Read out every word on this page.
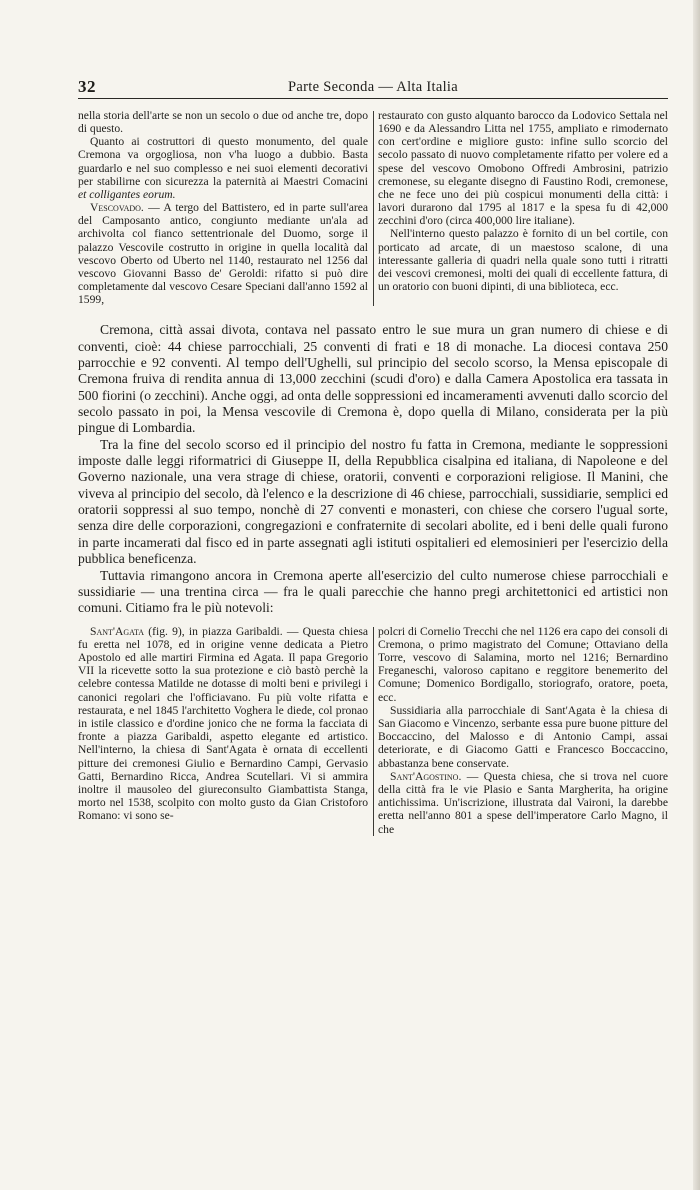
32	Parte Seconda — Alta Italia

nella storia dell'arte se non un secolo o due od anche tre, dopo di questo.

Quanto ai costruttori di questo monumento, del quale Cremona va orgogliosa, non v'ha luogo a dubbio. Basta guardarlo e nel suo complesso e nei suoi elementi decorativi per stabilirne con sicurezza la paternità ai Maestri Comacini et colligantes eorum.

Vescovado. — A tergo del Battistero, ed in parte sull'area del Camposanto antico, congiunto mediante un'ala ad archivolta col fianco settentrionale del Duomo, sorge il palazzo Vescovile costrutto in origine in quella località dal vescovo Oberto od Uberto nel 1140, restaurato nel 1256 dal vescovo Giovanni Basso de' Geroldi: rifatto si può dire completamente dal vescovo Cesare Speciani dall'anno 1592 al 1599,

restaurato con gusto alquanto barocco da Lodovico Settala nel 1690 e da Alessandro Litta nel 1755, ampliato e rimodernato con cert'ordine e migliore gusto: infine sullo scorcio del secolo passato di nuovo completamente rifatto per volere ed a spese del vescovo Omobono Offredi Ambrosini, patrizio cremonese, su elegante disegno di Faustino Rodi, cremonese, che ne fece uno dei più cospicui monumenti della città: i lavori durarono dal 1795 al 1817 e la spesa fu di 42,000 zecchini d'oro (circa 400,000 lire italiane).

Nell'interno questo palazzo è fornito di un bel cortile, con porticato ad arcate, di un maestoso scalone, di una interessante galleria di quadri nella quale sono tutti i ritratti dei vescovi cremonesi, molti dei quali di eccellente fattura, di un oratorio con buoni dipinti, di una biblioteca, ecc.

Cremona, città assai divota, contava nel passato entro le sue mura un gran numero di chiese e di conventi, cioè: 44 chiese parrocchiali, 25 conventi di frati e 18 di monache. La diocesi contava 250 parrocchie e 92 conventi. Al tempo dell'Ughelli, sul principio del secolo scorso, la Mensa episcopale di Cremona fruiva di rendita annua di 13,000 zecchini (scudi d'oro) e dalla Camera Apostolica era tassata in 500 fiorini (o zecchini). Anche oggi, ad onta delle soppressioni ed incameramenti avvenuti dallo scorcio del secolo passato in poi, la Mensa vescovile di Cremona è, dopo quella di Milano, considerata per la più pingue di Lombardia.

Tra la fine del secolo scorso ed il principio del nostro fu fatta in Cremona, mediante le soppressioni imposte dalle leggi riformatrici di Giuseppe II, della Repubblica cisalpina ed italiana, di Napoleone e del Governo nazionale, una vera strage di chiese, oratorii, conventi e corporazioni religiose. Il Manini, che viveva al principio del secolo, dà l'elenco e la descrizione di 46 chiese, parrocchiali, sussidiarie, semplici ed oratorii soppressi al suo tempo, nonchè di 27 conventi e monasteri, con chiese che corsero l'ugual sorte, senza dire delle corporazioni, congregazioni e confraternite di secolari abolite, ed i beni delle quali furono in parte incamerati dal fisco ed in parte assegnati agli istituti ospitalieri ed elemosinieri per l'esercizio della pubblica beneficenza.

Tuttavia rimangono ancora in Cremona aperte all'esercizio del culto numerose chiese parrocchiali e sussidiarie — una trentina circa — fra le quali parecchie che hanno pregi architettonici ed artistici non comuni. Citiamo fra le più notevoli:

Sant'Agata (fig. 9), in piazza Garibaldi. — Questa chiesa fu eretta nel 1078, ed in origine venne dedicata a Pietro Apostolo ed alle martiri Firmina ed Agata. Il papa Gregorio VII la ricevette sotto la sua protezione e ciò bastò perchè la celebre contessa Matilde ne dotasse di molti beni e privilegi i canonici regolari che l'officiavano. Fu più volte rifatta e restaurata, e nel 1845 l'architetto Voghera le diede, col pronao in istile classico e d'ordine jonico che ne forma la facciata di fronte a piazza Garibaldi, aspetto elegante ed artistico. Nell'interno, la chiesa di Sant'Agata è ornata di eccellenti pitture dei cremonesi Giulio e Bernardino Campi, Gervasio Gatti, Bernardino Ricca, Andrea Scutellari. Vi si ammira inoltre il mausoleo del giureconsulto Giambattista Stanga, morto nel 1538, scolpito con molto gusto da Gian Cristoforo Romano: vi sono se-

polcri di Cornelio Trecchi che nel 1126 era capo dei consoli di Cremona, o primo magistrato del Comune; Ottaviano della Torre, vescovo di Salamina, morto nel 1216; Bernardino Freganeschi, valoroso capitano e reggitore benemerito del Comune; Domenico Bordigallo, storiografo, oratore, poeta, ecc.

Sussidiaria alla parrocchiale di Sant'Agata è la chiesa di San Giacomo e Vincenzo, serbante essa pure buone pitture del Boccaccino, del Malosso e di Antonio Campi, assai deteriorate, e di Giacomo Gatti e Francesco Boccaccino, abbastanza bene conservate.

Sant'Agostino. — Questa chiesa, che si trova nel cuore della città fra le vie Plasio e Santa Margherita, ha origine antichissima. Un'iscrizione, illustrata dal Vaironi, la darebbe eretta nell'anno 801 a spese dell'imperatore Carlo Magno, il che
